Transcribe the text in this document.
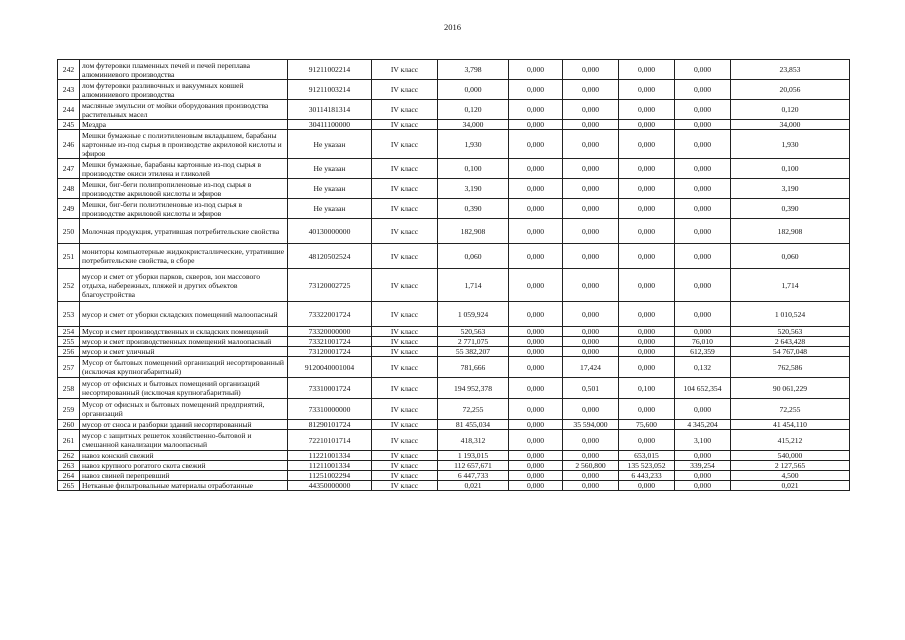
2016
242	лом футеровки пламенных печей и печей переплава алюминиевого производства	91211002214	IV класс	3,798	0,000	0,000	0,000	0,000	23,853
243	лом футеровки разливочных и вакуумных ковшей алюминиевого производства	91211003214	IV класс	0,000	0,000	0,000	0,000	0,000	20,056
244	масляные эмульсии от мойки оборудования производства растительных масел	30114181314	IV класс	0,120	0,000	0,000	0,000	0,000	0,120
245	Мездра	30411100000	IV класс	34,000	0,000	0,000	0,000	0,000	34,000
246	Мешки бумажные с полиэтиленовым вкладышем, барабаны картонные из-под сырья в производстве акриловой кислоты и эфиров	Не указан	IV класс	1,930	0,000	0,000	0,000	0,000	1,930
247	Мешки бумажные, барабаны картонные из-под сырья в производстве окиси этилена и гликолей	Не указан	IV класс	0,100	0,000	0,000	0,000	0,000	0,100
248	Мешки, биг-беги полипропиленовые из-под сырья в производстве акриловой кислоты и эфиров	Не указан	IV класс	3,190	0,000	0,000	0,000	0,000	3,190
249	Мешки, биг-беги полиэтиленовые из-под сырья в производстве акриловой кислоты и эфиров	Не указан	IV класс	0,390	0,000	0,000	0,000	0,000	0,390
250	Молочная продукция, утратившая потребительские свойства	40130000000	IV класс	182,908	0,000	0,000	0,000	0,000	182,908
251	мониторы компьютерные жидкокристаллические, утратившие потребительские свойства, в сборе	48120502524	IV класс	0,060	0,000	0,000	0,000	0,000	0,060
252	мусор и смет от уборки парков, скверов, зон массового отдыха, набережных, пляжей и других объектов благоустройства	73120002725	IV класс	1,714	0,000	0,000	0,000	0,000	1,714
253	мусор и смет от уборки складских помещений малоопасный	73322001724	IV класс	1 059,924	0,000	0,000	0,000	0,000	1 010,524
254	Мусор и смет производственных и складских помещений	73320000000	IV класс	520,563	0,000	0,000	0,000	0,000	520,563
255	мусор и смет производственных помещений малоопасный	73321001724	IV класс	2 771,075	0,000	0,000	0,000	76,010	2 643,428
256	мусор и смет уличный	73120001724	IV класс	55 382,207	0,000	0,000	0,000	612,359	54 767,048
257	Мусор от бытовых помещений организаций несортированный (исключая крупногабаритный)	9120040001004	IV класс	781,666	0,000	17,424	0,000	0,132	762,586
258	мусор от офисных и бытовых помещений организаций несортированный (исключая крупногабаритный)	73310001724	IV класс	194 952,378	0,000	0,501	0,100	104 652,354	90 061,229
259	Мусор от офисных и бытовых помещений предприятий, организаций	73310000000	IV класс	72,255	0,000	0,000	0,000	0,000	72,255
260	мусор от сноса и разборки зданий несортированный	81290101724	IV класс	81 455,034	0,000	35 594,000	75,600	4 345,204	41 454,110
261	мусор с защитных решеток хозяйственно-бытовой и смешанной канализации малоопасный	72210101714	IV класс	418,312	0,000	0,000	0,000	3,100	415,212
262	навоз конский свежий	11221001334	IV класс	1 193,015	0,000	0,000	653,015	0,000	540,000
263	навоз крупного рогатого скота свежий	11211001334	IV класс	112 657,671	0,000	2 560,800	135 523,052	339,254	2 127,565
264	навоз свиней перепревший	11251002294	IV класс	6 447,733	0,000	0,000	6 443,233	0,000	4,500
265	Нетканые фильтровальные материалы отработанные	44350000000	IV класс	0,021	0,000	0,000	0,000	0,000	0,021
